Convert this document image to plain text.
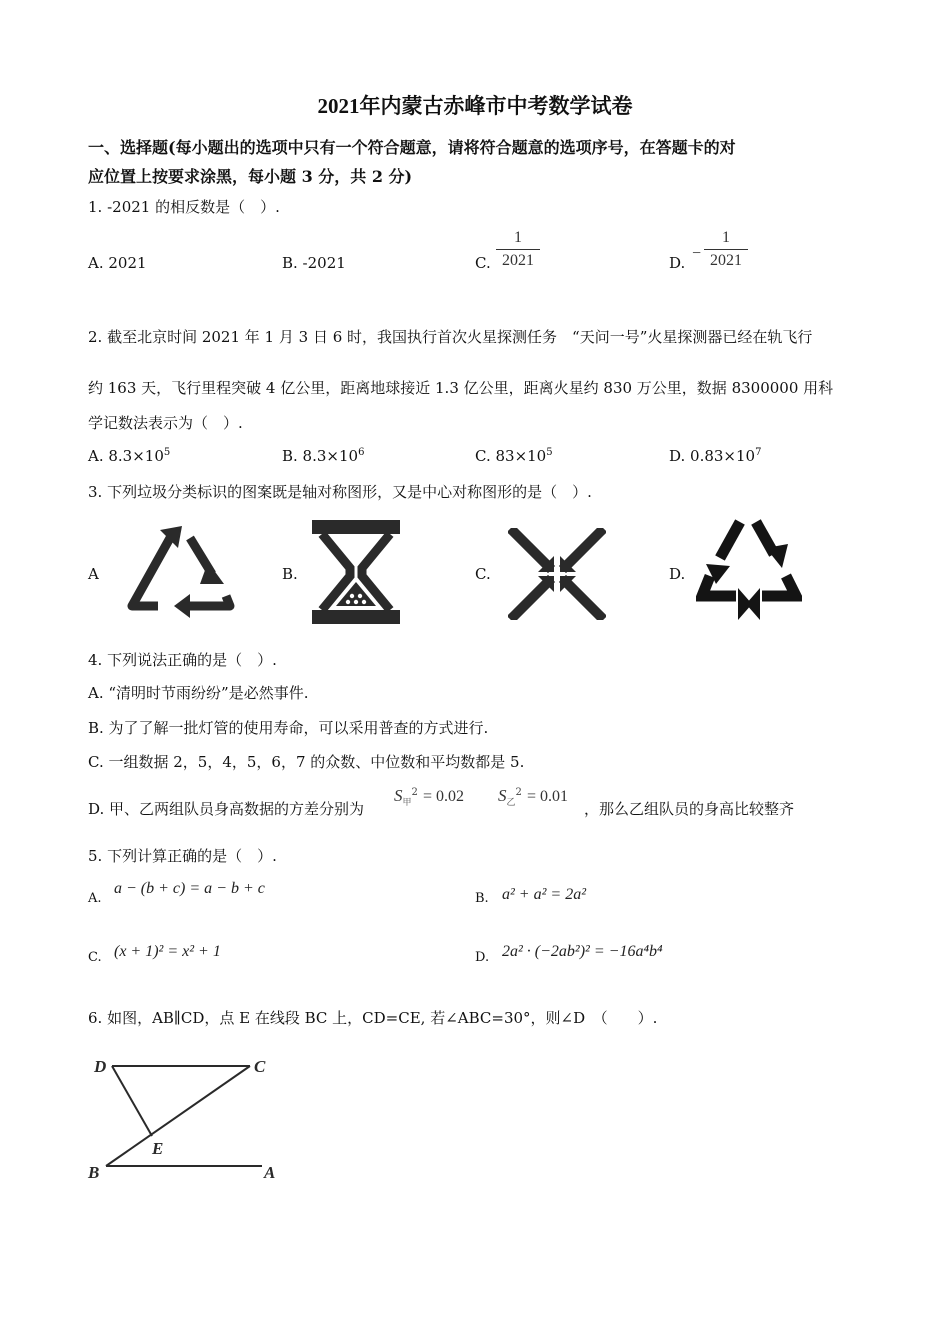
2021年内蒙古赤峰市中考数学试卷
一、选择题(每小题出的选项中只有一个符合题意，请将符合题意的选项序号，在答题卡的对
应位置上按要求涂黑，每小题 3 分，共 2 分)
1. -2021 的相反数是（　）.
A. 2021	B. -2021	C.
1
2021	D.
−
1
2021
2. 截至北京时间 2021 年 1 月 3 日 6 时，我国执行首次火星探测任务　“天问一号”火星探测器已经在轨飞行
约 163 天，飞行里程突破 4 亿公里，距离地球接近 1.3 亿公里，距离火星约 830 万公里，数据 8300000 用科
学记数法表示为（　）.
A. $8.3\times 10^5$	B. $8.3\times 10^6$	C. $83\times 10^5$	D. $0.83\times 10^7$
3. 下列垃圾分类标识的图案既是轴对称图形，又是中心对称图形的是（　）.
A	B.	C.	D.
4. 下列说法正确的是（　）.
A. “清明时节雨纷纷”是必然事件.
B. 为了了解一批灯管的使用寿命，可以采用普查的方式进行.
C. 一组数据 2，5，4，5，6，7 的众数、中位数和平均数都是 5.
D. 甲、乙两组队员身高数据的方差分别为
$S_甲^2 = 0.02$ $S_乙^2 = 0.01$
，那么乙组队员的身高比较整齐
5. 下列计算正确的是（　）.
A.
a − (b + c) = a − b + c
B. a² + a² = 2a²
C. (x + 1)² = x² + 1	D. 2a² · (−2ab²)² = −16a⁴b⁴
6. 如图，AB∥CD，点 E 在线段 BC 上，CD=CE, 若∠ABC=30°，则∠D　（　　）.
D	C
E
B	A
